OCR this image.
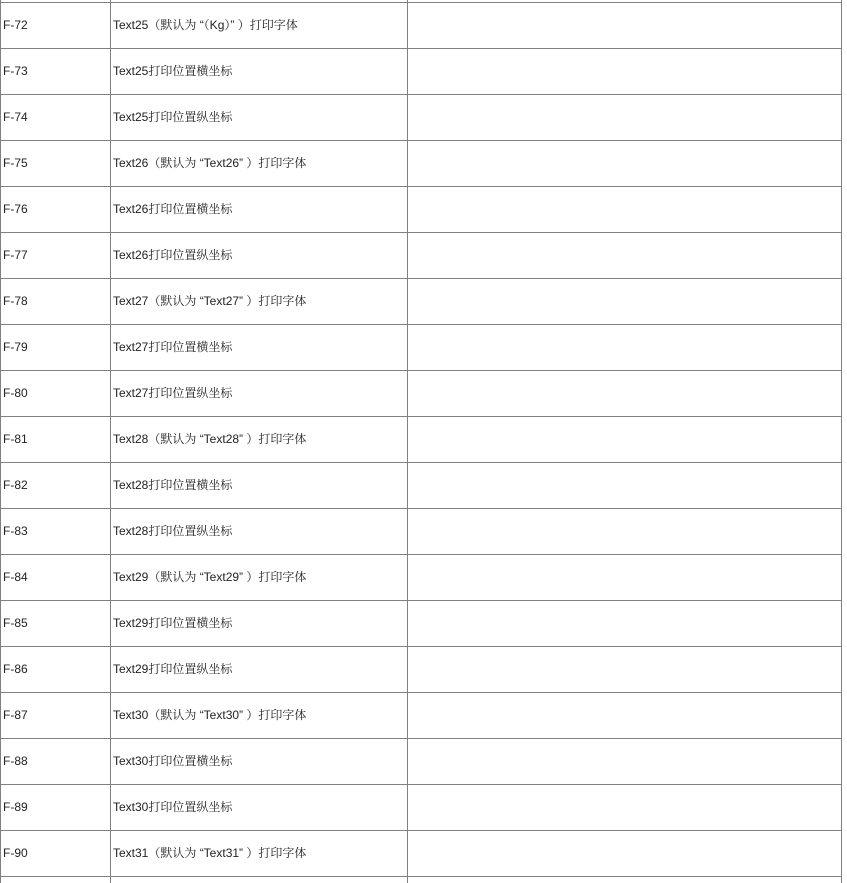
F-72	Text25（默认为 “（Kg）” ）打印字体	
F-73	Text25打印位置横坐标	
F-74	Text25打印位置纵坐标	
F-75	Text26（默认为 “Text26” ）打印字体	
F-76	Text26打印位置横坐标	
F-77	Text26打印位置纵坐标	
F-78	Text27（默认为 “Text27” ）打印字体	
F-79	Text27打印位置横坐标	
F-80	Text27打印位置纵坐标	
F-81	Text28（默认为 “Text28” ）打印字体	
F-82	Text28打印位置横坐标	
F-83	Text28打印位置纵坐标	
F-84	Text29（默认为 “Text29” ）打印字体	
F-85	Text29打印位置横坐标	
F-86	Text29打印位置纵坐标	
F-87	Text30（默认为 “Text30” ）打印字体	
F-88	Text30打印位置横坐标	
F-89	Text30打印位置纵坐标	
F-90	Text31（默认为 “Text31” ）打印字体	
